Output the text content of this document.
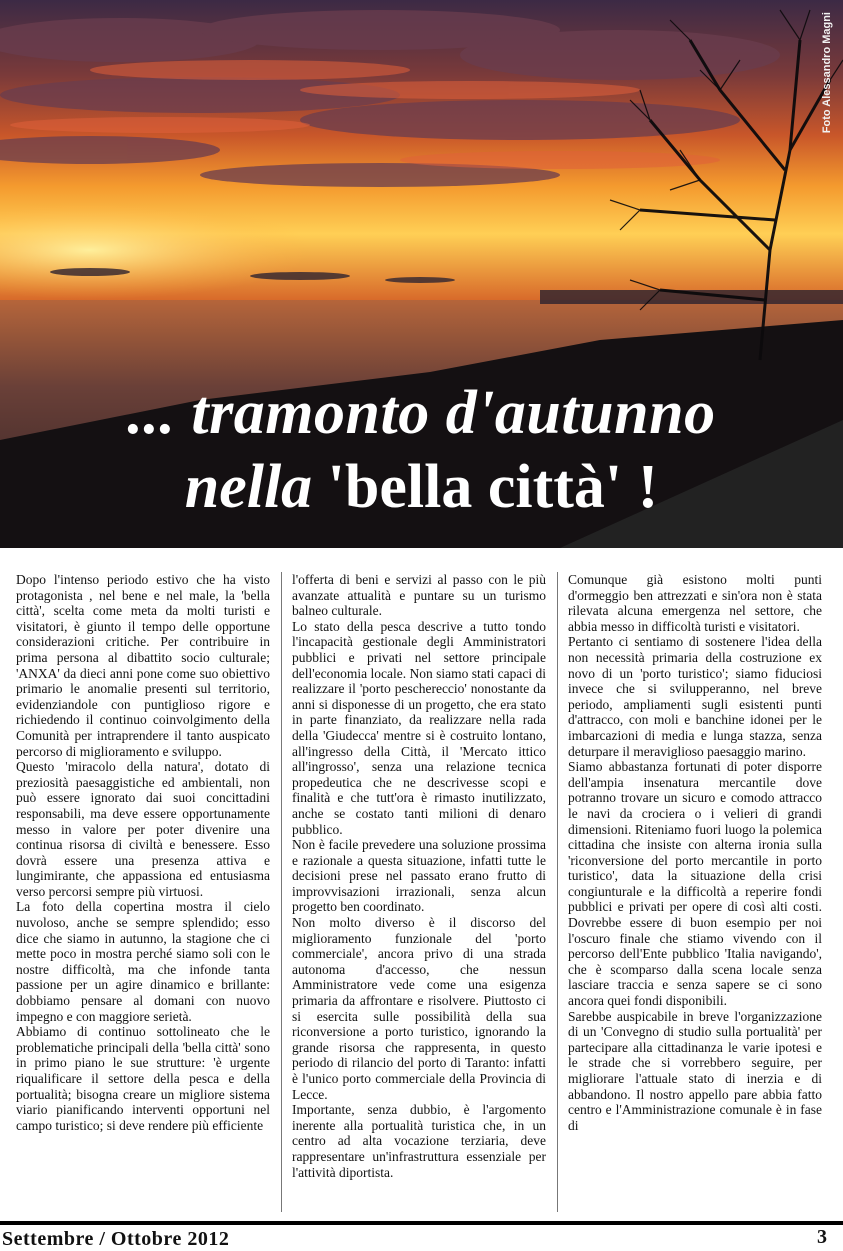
Foto Alessandro Magni
... tramonto d'autunno
nella 'bella città' !

Dopo l'intenso periodo estivo che ha visto protagonista , nel bene e nel male, la 'bella città', scelta come meta da molti turisti e visitatori, è giunto il tempo delle opportune considerazioni critiche. Per contribuire in prima persona al dibattito socio culturale; 'ANXA' da dieci anni pone come suo obiettivo primario le anomalie presenti sul territorio, evidenziandole con puntiglioso rigore e richiedendo il continuo coinvolgimento della Comunità per intraprendere il tanto auspicato percorso di miglioramento e sviluppo.

Questo 'miracolo della natura', dotato di preziosità paesaggistiche ed ambientali, non può essere ignorato dai suoi concittadini responsabili, ma deve essere opportunamente messo in valore per poter divenire una continua risorsa di civiltà e benessere. Esso dovrà essere una presenza attiva e lungimirante, che appassiona ed entusiasma verso percorsi sempre più virtuosi.

La foto della copertina mostra il cielo nuvoloso, anche se sempre splendido; esso dice che siamo in autunno, la stagione che ci mette poco in mostra perché siamo soli con le nostre difficoltà, ma che infonde tanta passione per un agire dinamico e brillante: dobbiamo pensare al domani con nuovo impegno e con maggiore serietà.

Abbiamo di continuo sottolineato che le problematiche principali della 'bella città' sono in primo piano le sue strutture: 'è urgente riqualificare il settore della pesca e della portualità; bisogna creare un migliore sistema viario pianificando interventi opportuni nel campo turistico; si deve rendere più efficiente

l'offerta di beni e servizi al passo con le più avanzate attualità e puntare su un turismo balneo culturale.

Lo stato della pesca descrive a tutto tondo l'incapacità gestionale degli Amministratori pubblici e privati nel settore principale dell'economia locale. Non siamo stati capaci di realizzare il 'porto peschereccio' nonostante da anni si disponesse di un progetto, che era stato in parte finanziato, da realizzare nella rada della 'Giudecca' mentre si è costruito lontano, all'ingresso della Città, il 'Mercato ittico all'ingrosso', senza una relazione tecnica propedeutica che ne descrivesse scopi e finalità e che tutt'ora è rimasto inutilizzato, anche se costato tanti milioni di denaro pubblico.

Non è facile prevedere una soluzione prossima e razionale a questa situazione, infatti tutte le decisioni prese nel passato erano frutto di improvvisazioni irrazionali, senza alcun progetto ben coordinato.

Non molto diverso è il discorso del miglioramento funzionale del 'porto commerciale', ancora privo di una strada autonoma d'accesso, che nessun Amministratore vede come una esigenza primaria da affrontare e risolvere. Piuttosto ci si esercita sulle possibilità della sua riconversione a porto turistico, ignorando la grande risorsa che rappresenta, in questo periodo di rilancio del porto di Taranto: infatti è l'unico porto commerciale della Provincia di Lecce.

Importante, senza dubbio, è l'argomento inerente alla portualità turistica che, in un centro ad alta vocazione terziaria, deve rappresentare un'infrastruttura essenziale per l'attività diportista.

Comunque già esistono molti punti d'ormeggio ben attrezzati e sin'ora non è stata rilevata alcuna emergenza nel settore, che abbia messo in difficoltà turisti e visitatori.

Pertanto ci sentiamo di sostenere l'idea della non necessità primaria della costruzione ex novo di un 'porto turistico'; siamo fiduciosi invece che si svilupperanno, nel breve periodo, ampliamenti sugli esistenti punti d'attracco, con moli e banchine idonei per le imbarcazioni di media e lunga stazza, senza deturpare il meraviglioso paesaggio marino.

Siamo abbastanza fortunati di poter disporre dell'ampia insenatura mercantile dove potranno trovare un sicuro e comodo attracco le navi da crociera o i velieri di grandi dimensioni. Riteniamo fuori luogo la polemica cittadina che insiste con alterna ironia sulla 'riconversione del porto mercantile in porto turistico', data la situazione della crisi congiunturale e la difficoltà a reperire fondi pubblici e privati per opere di così alti costi. Dovrebbe essere di buon esempio per noi l'oscuro finale che stiamo vivendo con il percorso dell'Ente pubblico 'Italia navigando', che è scomparso dalla scena locale senza lasciare traccia e senza sapere se ci sono ancora quei fondi disponibili.

Sarebbe auspicabile in breve l'organizzazione di un 'Convegno di studio sulla portualità' per partecipare alla cittadinanza le varie ipotesi e le strade che si vorrebbero seguire, per migliorare l'attuale stato di inerzia e di abbandono. Il nostro appello pare abbia fatto centro e l'Amministrazione comunale è in fase di

Settembre / Ottobre 2012	3
